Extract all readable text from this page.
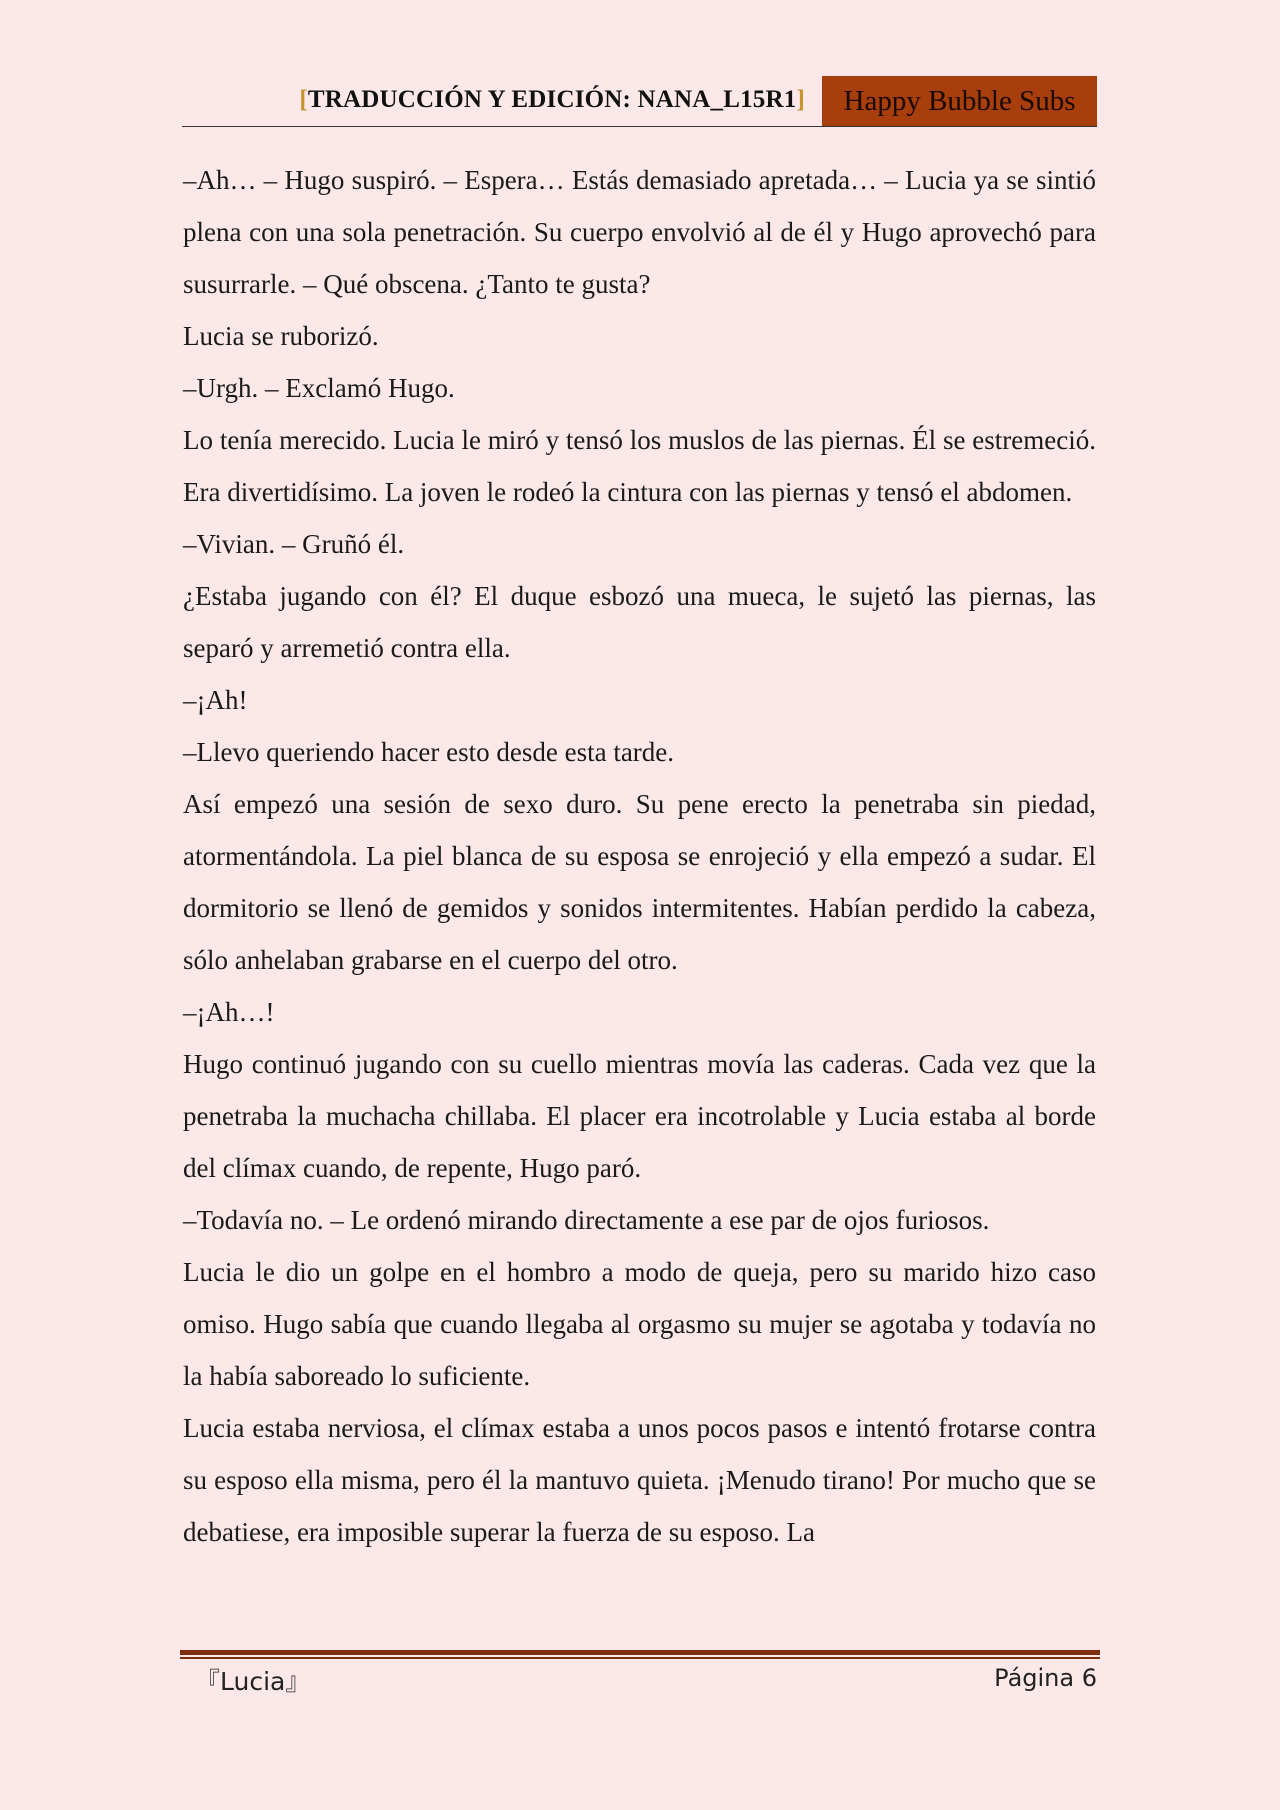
[TRADUCCIÓN Y EDICIÓN: NANA_L15R1]	Happy Bubble Subs

–Ah… – Hugo suspiró. – Espera… Estás demasiado apretada… – Lucia ya se sintió plena con una sola penetración. Su cuerpo envolvió al de él y Hugo aprovechó para susurrarle. – Qué obscena. ¿Tanto te gusta?

Lucia se ruborizó.

–Urgh. – Exclamó Hugo.

Lo tenía merecido. Lucia le miró y tensó los muslos de las piernas. Él se estremeció. Era divertidísimo. La joven le rodeó la cintura con las piernas y tensó el abdomen.

–Vivian. – Gruñó él.

¿Estaba jugando con él? El duque esbozó una mueca, le sujetó las piernas, las separó y arremetió contra ella.

–¡Ah!

–Llevo queriendo hacer esto desde esta tarde.

Así empezó una sesión de sexo duro. Su pene erecto la penetraba sin piedad, atormentándola. La piel blanca de su esposa se enrojeció y ella empezó a sudar. El dormitorio se llenó de gemidos y sonidos intermitentes. Habían perdido la cabeza, sólo anhelaban grabarse en el cuerpo del otro.

–¡Ah…!

Hugo continuó jugando con su cuello mientras movía las caderas. Cada vez que la penetraba la muchacha chillaba. El placer era incotrolable y Lucia estaba al borde del clímax cuando, de repente, Hugo paró.

–Todavía no. – Le ordenó mirando directamente a ese par de ojos furiosos.

Lucia le dio un golpe en el hombro a modo de queja, pero su marido hizo caso omiso. Hugo sabía que cuando llegaba al orgasmo su mujer se agotaba y todavía no la había saboreado lo suficiente.

Lucia estaba nerviosa, el clímax estaba a unos pocos pasos e intentó frotarse contra su esposo ella misma, pero él la mantuvo quieta. ¡Menudo tirano! Por mucho que se debatiese, era imposible superar la fuerza de su esposo. La

『Lucia』	Página 6
